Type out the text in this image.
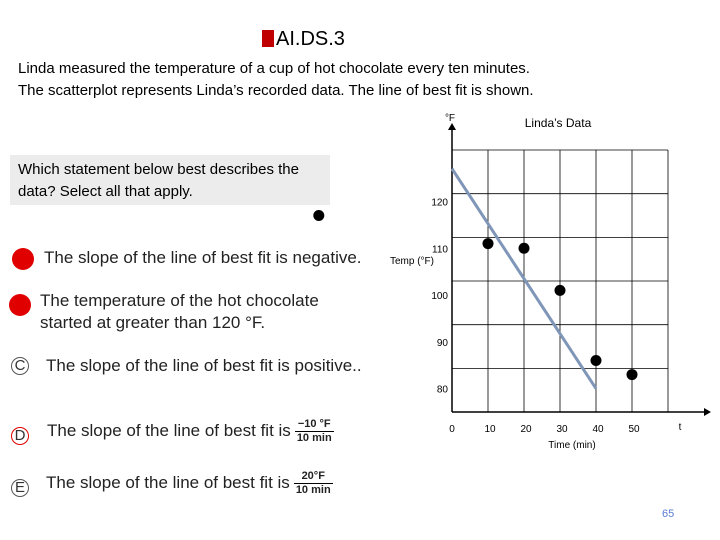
AI.DS.3
Linda measured the temperature of a cup of hot chocolate every ten minutes.
The scatterplot represents Linda’s recorded data. The line of best fit is shown.
Which statement below best describes the data? Select all that apply.
The slope of the line of best fit is negative.
The temperature of the hot chocolate
started at greater than 120 °F.
C The slope of the line of best fit is positive..
D The slope of the line of best fit is $\frac{-10 ^\circ F}{10 \min}$
E The slope of the line of best fit is $\frac{20^\circ F}{10 \min}$
Linda’s Data
°F
Temp (°F)
Time (min)
t
80
90
100
110
120
0	10 20 30 40 50
65
